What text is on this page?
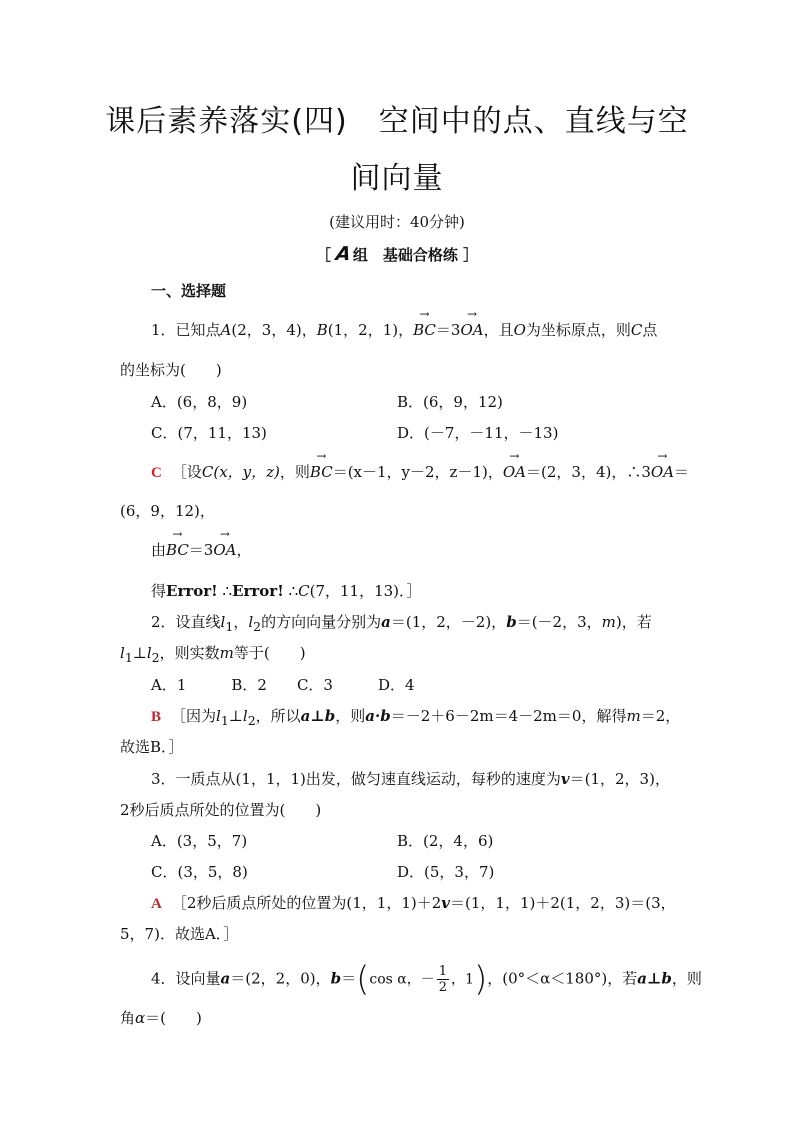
课后素养落实(四)　空间中的点、直线与空
间向量
(建议用时：40分钟)
［ A组　基础合格练 ］
一、选择题
1．已知点A(2，3，4)，B(1，2，1)，→ BC＝3→ OA，且O为坐标原点，则C点
的坐标为(　　)
A．(6，8，9)	B．(6，9，12)
C．(7，11，13)	D．(－7，－11，－13)
C ［设C(x，y，z)，则→ BC＝(x－1，y－2，z－1)，→ OA＝(2，3，4)，∴3→ OA＝
(6，9，12)，
由→ BC＝3→ OA，
得Error! ∴Error! ∴C(7，11，13)．］
2．设直线$l_1$，$l_2$的方向向量分别为a＝(1，2，－2)，b＝(－2，3，m)，若
$l_1\perp l_2$，则实数m等于(　　)
A．1　　　B．2　　C．3　　　D．4
B ［因为$l_1\perp l_2$，所以a⊥b，则a·b＝－2＋6－2m＝4－2m＝0，解得m＝2，
故选B．］
3．一质点从(1，1，1)出发，做匀速直线运动，每秒的速度为v＝(1，2，3)，
2秒后质点所处的位置为(　　)
A．(3，5，7)	B．(2，4，6)
C．(3，5，8)	D．(5，3，7)
A ［2秒后质点所处的位置为(1，1，1)＋2v＝(1，1，1)＋2(1，2，3)＝(3，
5，7)．故选A．］
4．设向量a＝(2，2，0)，b＝(cos α，－ $\frac{1}{2}$ ，1)，(0°＜α＜180°)，若a⊥b，则
角α＝(　　)
